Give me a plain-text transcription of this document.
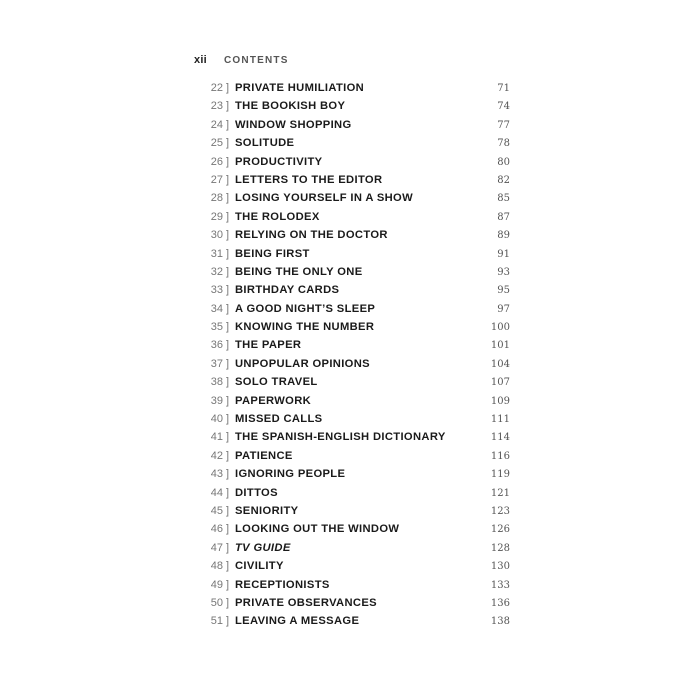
xii	CONTENTS
22 ] PRIVATE HUMILIATION	71
23 ] THE BOOKISH BOY	74
24 ] WINDOW SHOPPING	77
25 ] SOLITUDE	78
26 ] PRODUCTIVITY	80
27 ] LETTERS TO THE EDITOR	82
28 ] LOSING YOURSELF IN A SHOW	85
29 ] THE ROLODEX	87
30 ] RELYING ON THE DOCTOR	89
31 ] BEING FIRST	91
32 ] BEING THE ONLY ONE	93
33 ] BIRTHDAY CARDS	95
34 ] A GOOD NIGHT’S SLEEP	97
35 ] KNOWING THE NUMBER	100
36 ] THE PAPER	101
37 ] UNPOPULAR OPINIONS	104
38 ] SOLO TRAVEL	107
39 ] PAPERWORK	109
40 ] MISSED CALLS	111
41 ] THE SPANISH-ENGLISH DICTIONARY	114
42 ] PATIENCE	116
43 ] IGNORING PEOPLE	119
44 ] DITTOS	121
45 ] SENIORITY	123
46 ] LOOKING OUT THE WINDOW	126
47 ] TV GUIDE	128
48 ] CIVILITY	130
49 ] RECEPTIONISTS	133
50 ] PRIVATE OBSERVANCES	136
51 ] LEAVING A MESSAGE	138
